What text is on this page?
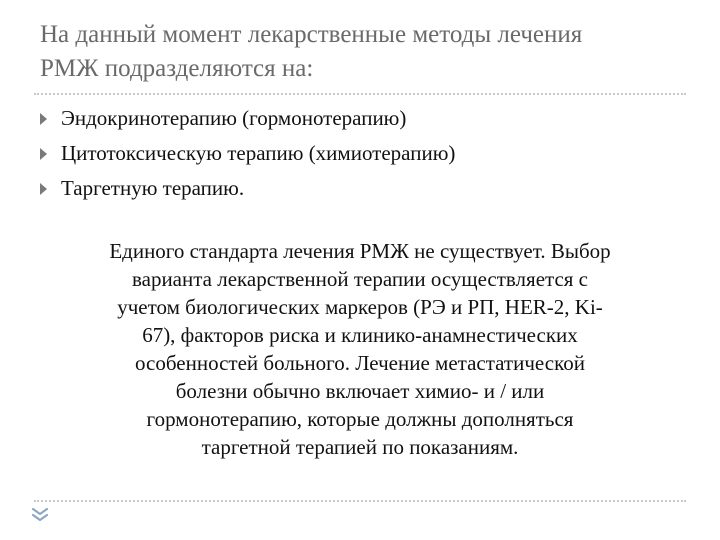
На данный момент лекарственные методы лечения
РМЖ подразделяются на:
Эндокринотерапию (гормонотерапию)
Цитотоксическую терапию (химиотерапию)
Таргетную терапию.
Единого стандарта лечения РМЖ не существует. Выбор
варианта лекарственной терапии осуществляется с
учетом биологических маркеров (РЭ и РП, HER-2, Ki-
67), факторов риска и клинико-анамнестических
особенностей больного. Лечение метастатической
болезни обычно включает химио- и / или
гормонотерапию, которые должны дополняться
таргетной терапией по показаниям.
